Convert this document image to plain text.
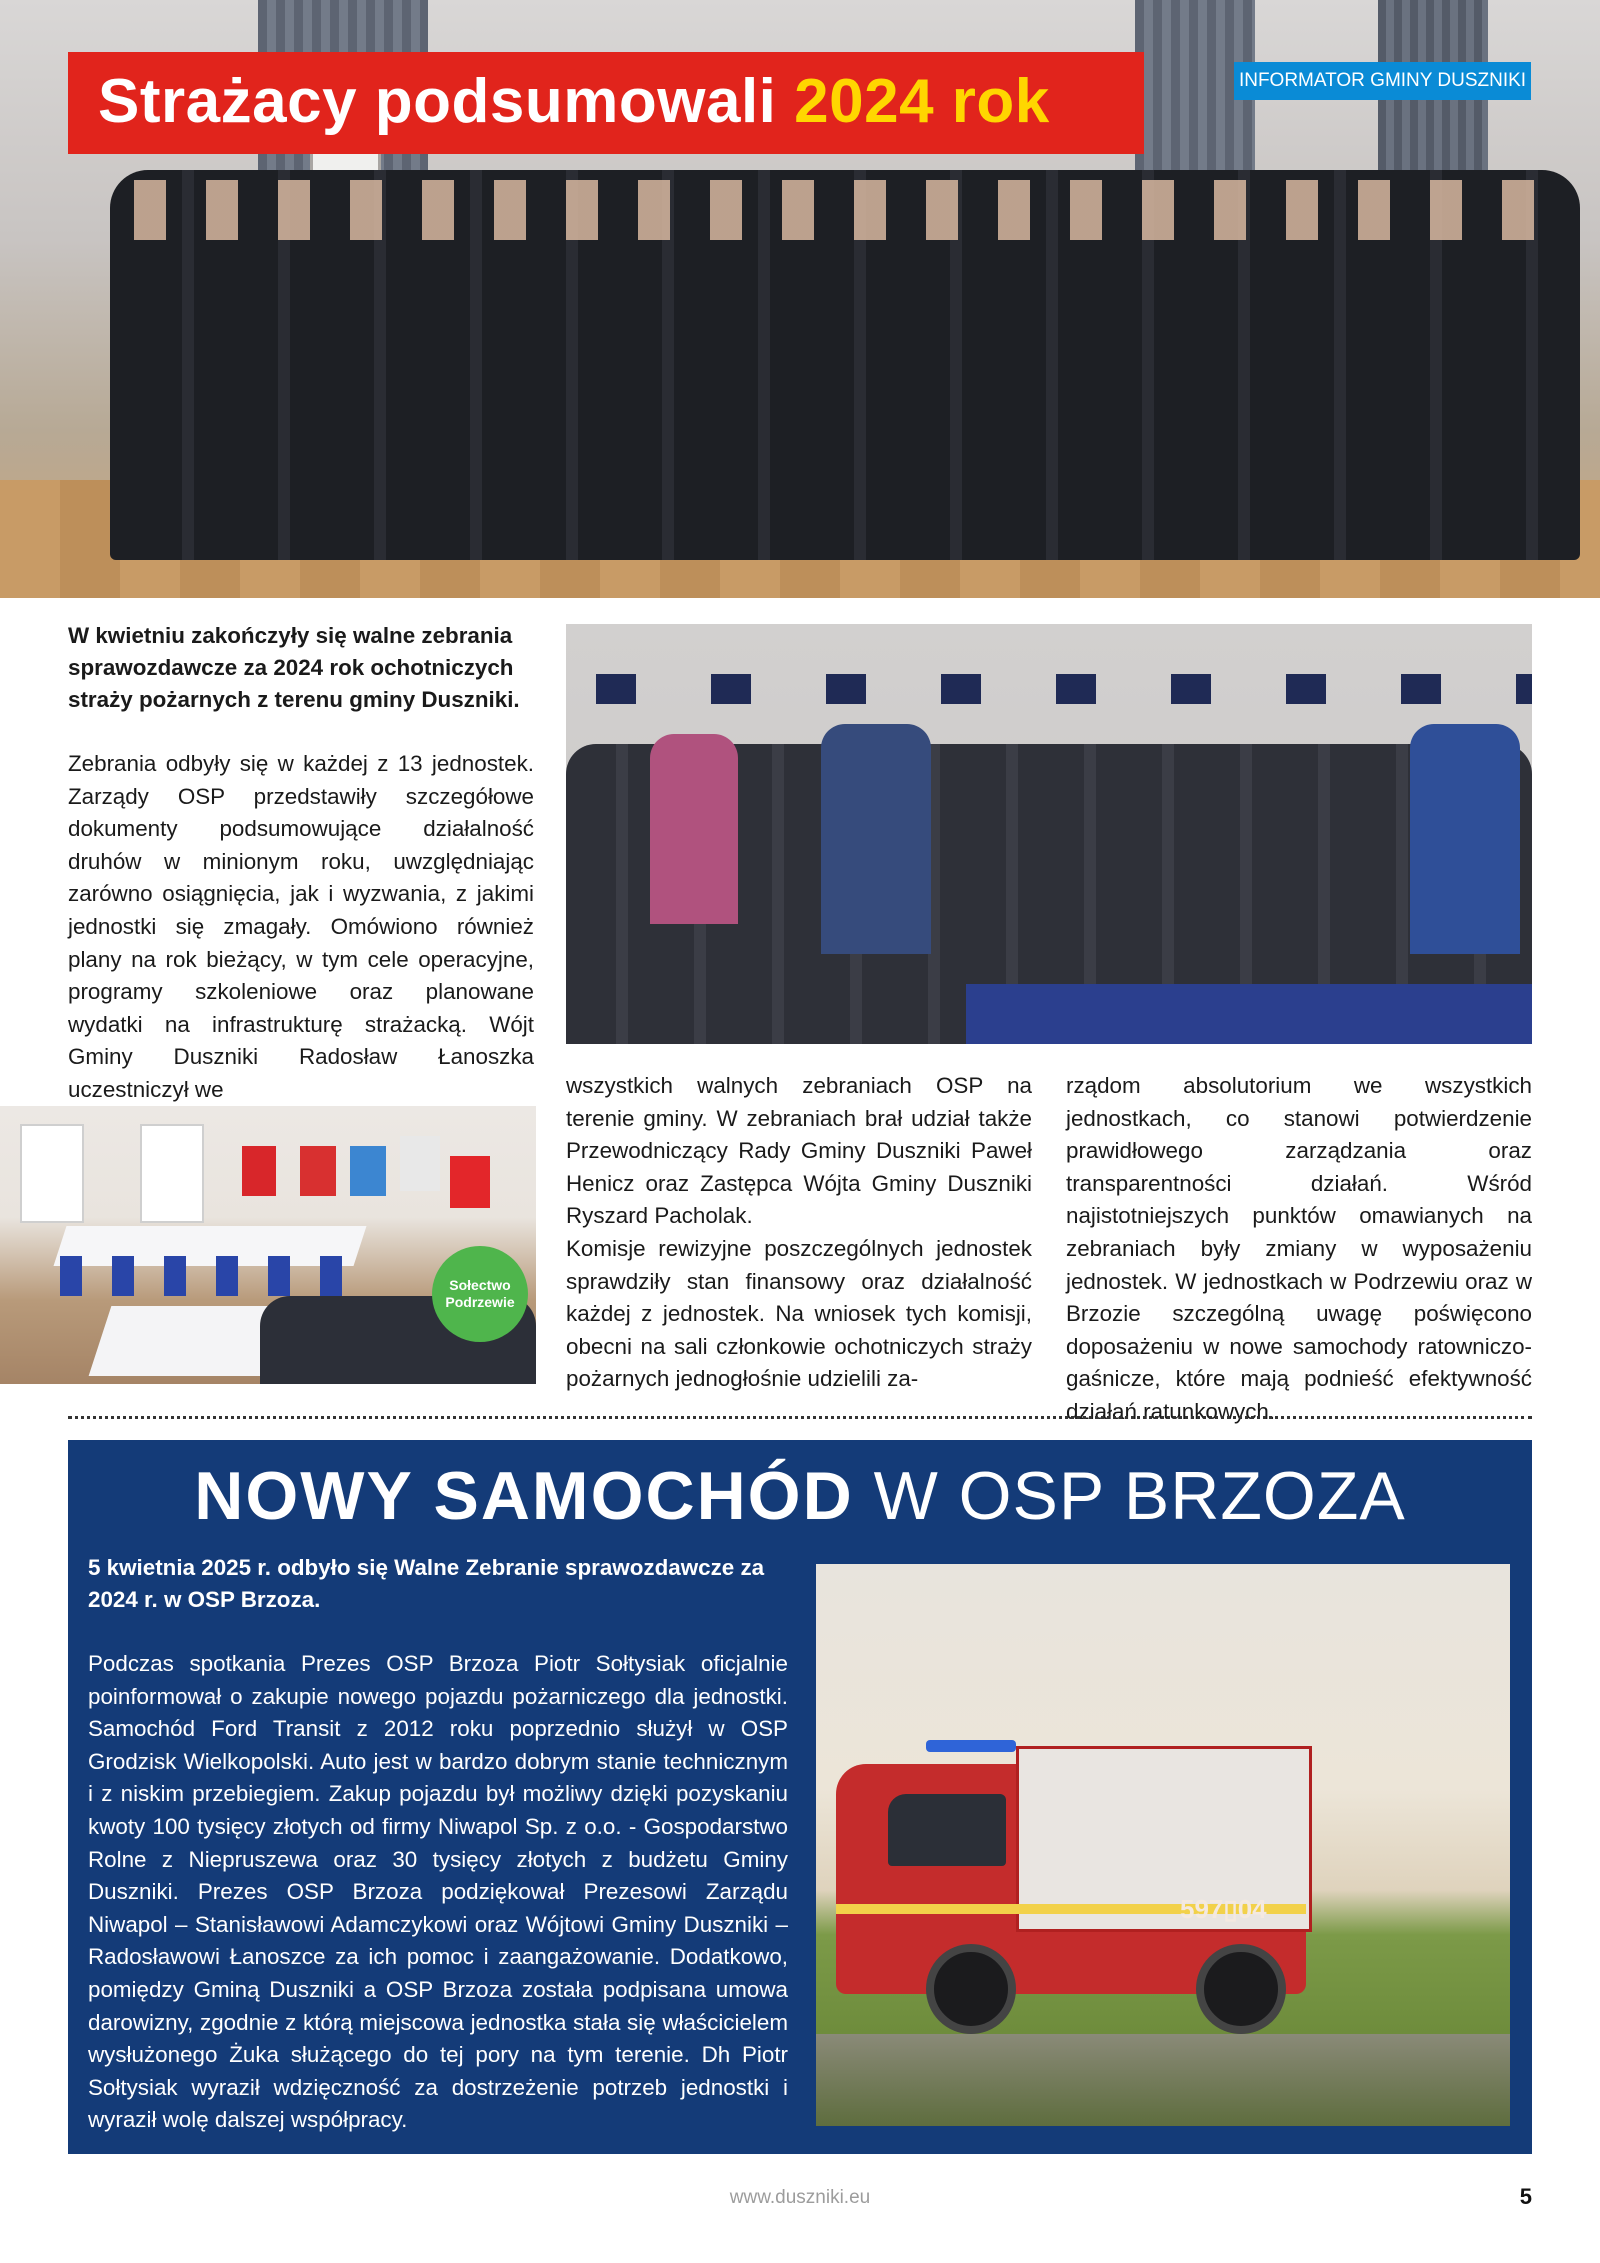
Strażacy podsumowali 2024 rok	INFORMATOR GMINY DUSZNIKI
W kwietniu zakończyły się walne zebrania sprawozdawcze za 2024 rok ochotniczych straży pożarnych z terenu gminy Duszniki.
Zebrania odbyły się w każdej z 13 jednostek. Zarządy OSP przedstawiły szczegółowe dokumenty podsumowujące działalność druhów w minionym roku, uwzględniając zarówno osiągnięcia, jak i wyzwania, z jakimi jednostki się zmagały. Omówiono również plany na rok bieżący, w tym cele operacyjne, programy szkoleniowe oraz planowane wydatki na infrastrukturę strażacką. Wójt Gminy Duszniki Radosław Łanoszka uczestniczył we
Sołectwo Podrzewie
wszystkich walnych zebraniach OSP na terenie gminy. W zebraniach brał udział także Przewodniczący Rady Gminy Duszniki Paweł Henicz oraz Zastępca Wójta Gminy Duszniki Ryszard Pacholak.
Komisje rewizyjne poszczególnych jednostek sprawdziły stan finansowy oraz działalność każdej z jednostek. Na wniosek tych komisji, obecni na sali członkowie ochotniczych straży pożarnych jednogłośnie udzielili za-
rządom absolutorium we wszystkich jednostkach, co stanowi potwierdzenie prawidłowego zarządzania oraz transparentności działań. Wśród najistotniejszych punktów omawianych na zebraniach były zmiany w wyposażeniu jednostek. W jednostkach w Podrzewiu oraz w Brzozie szczególną uwagę poświęcono doposażeniu w nowe samochody ratowniczo-gaśnicze, które mają podnieść efektywność działań ratunkowych.
NOWY SAMOCHÓD W OSP BRZOZA
5 kwietnia 2025 r. odbyło się Walne Zebranie sprawozdawcze za 2024 r. w OSP Brzoza.
Podczas spotkania Prezes OSP Brzoza Piotr Sołtysiak oficjalnie poinformował o zakupie nowego pojazdu pożarniczego dla jednostki. Samochód Ford Transit z 2012 roku poprzednio służył w OSP Grodzisk Wielkopolski. Auto jest w bardzo dobrym stanie technicznym i z niskim przebiegiem. Zakup pojazdu był możliwy dzięki pozyskaniu kwoty 100 tysięcy złotych od firmy Niwapol Sp. z o.o. - Gospodarstwo Rolne z Niepruszewa oraz 30 tysięcy złotych z budżetu Gminy Duszniki. Prezes OSP Brzoza podziękował Prezesowi Zarządu Niwapol – Stanisławowi Adamczykowi oraz Wójtowi Gminy Duszniki – Radosławowi Łanoszce za ich pomoc i zaangażowanie. Dodatkowo, pomiędzy Gminą Duszniki a OSP Brzoza została podpisana umowa darowizny, zgodnie z którą miejscowa jednostka stała się właścicielem wysłużonego Żuka służącego do tej pory na tym terenie. Dh Piotr Sołtysiak wyraził wdzięczność za dostrzeżenie potrzeb jednostki i wyraził wolę dalszej współpracy.
597▯04
www.duszniki.eu	5
